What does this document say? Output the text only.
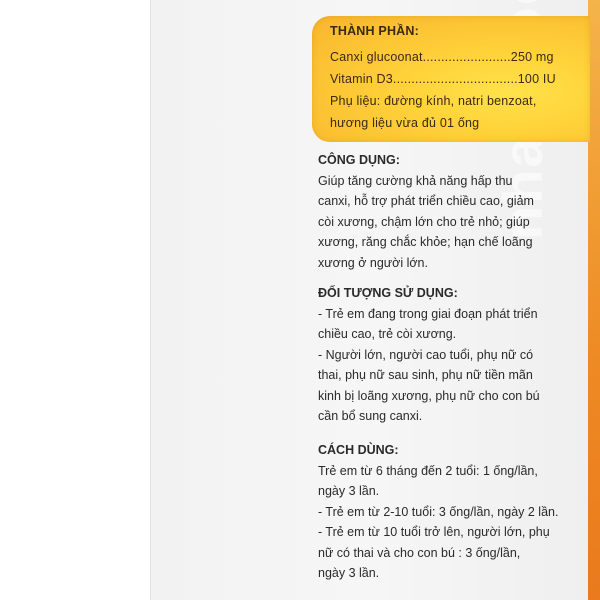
THÀNH PHẦN:
Canxi glucoonat........................250 mg
Vitamin D3..................................100 IU
Phụ liệu: đường kính, natri benzoat,
hương liệu vừa đủ 01 ống
CÔNG DỤNG:
Giúp tăng cường khả năng hấp thu
canxi, hỗ trợ phát triển chiều cao, giảm
còi xương, chậm lớn cho trẻ nhỏ; giúp
xương, răng chắc khỏe; hạn chế loãng
xương ở người lớn.
ĐỐI TƯỢNG SỬ DỤNG:
- Trẻ em đang trong giai đoạn phát triển
chiều cao, trẻ còi xương.
- Người lớn, người cao tuổi, phụ nữ có
thai, phụ nữ sau sinh, phụ nữ tiền mãn
kinh bị loãng xương, phụ nữ cho con bú
cần bổ sung canxi.
CÁCH DÙNG:
Trẻ em từ 6 tháng đến 2 tuổi: 1 ống/lần,
ngày 3 lần.
- Trẻ em từ 2-10 tuổi: 3 ống/lần, ngày 2 lần.
- Trẻ em từ 10 tuổi trở lên, người lớn, phụ
nữ có thai và cho con bú : 3 ống/lần,
ngày 3 lần.
